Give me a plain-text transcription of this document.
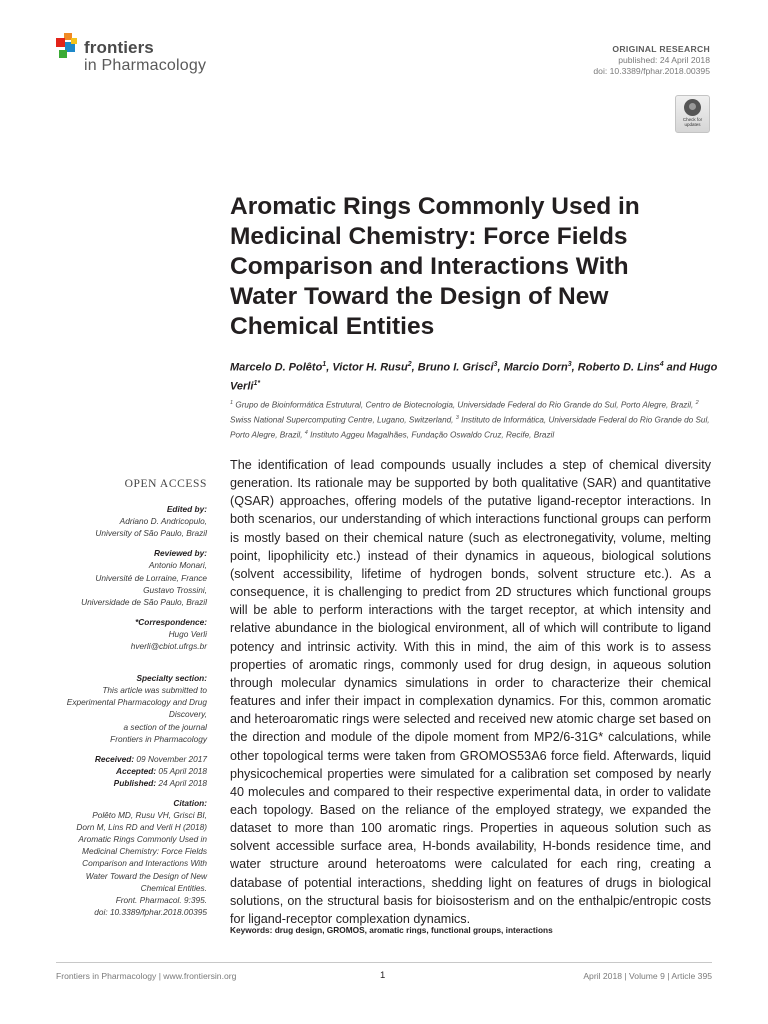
frontiers
in Pharmacology
ORIGINAL RESEARCH
published: 24 April 2018
doi: 10.3389/fphar.2018.00395
Check for
updates
Aromatic Rings Commonly Used in Medicinal Chemistry: Force Fields Comparison and Interactions With Water Toward the Design of New Chemical Entities
Marcelo D. Polêto$^1$, Victor H. Rusu$^2$, Bruno I. Grisci$^3$, Marcio Dorn$^3$, Roberto D. Lins$^4$ and Hugo Verli$^{1*}$
$^1$ Grupo de Bioinformática Estrutural, Centro de Biotecnologia, Universidade Federal do Rio Grande do Sul, Porto Alegre, Brazil, $^2$ Swiss National Supercomputing Centre, Lugano, Switzerland, $^3$ Instituto de Informática, Universidade Federal do Rio Grande do Sul, Porto Alegre, Brazil, $^4$ Instituto Aggeu Magalhães, Fundação Oswaldo Cruz, Recife, Brazil
OPEN ACCESS
Edited by:
Adriano D. Andricopulo,
University of São Paulo, Brazil
Reviewed by:
Antonio Monari,
Université de Lorraine, France
Gustavo Trossini,
Universidade de São Paulo, Brazil
*Correspondence:
Hugo Verli
hverli@cbiot.ufrgs.br
Specialty section:
This article was submitted to
Experimental Pharmacology and Drug
Discovery,
a section of the journal
Frontiers in Pharmacology
Received: 09 November 2017
Accepted: 05 April 2018
Published: 24 April 2018
Citation:
Polêto MD, Rusu VH, Grisci BI,
Dorn M, Lins RD and Verli H (2018)
Aromatic Rings Commonly Used in
Medicinal Chemistry: Force Fields
Comparison and Interactions With
Water Toward the Design of New
Chemical Entities.
Front. Pharmacol. 9:395.
doi: 10.3389/fphar.2018.00395
The identification of lead compounds usually includes a step of chemical diversity generation. Its rationale may be supported by both qualitative (SAR) and quantitative (QSAR) approaches, offering models of the putative ligand-receptor interactions. In both scenarios, our understanding of which interactions functional groups can perform is mostly based on their chemical nature (such as electronegativity, volume, melting point, lipophilicity etc.) instead of their dynamics in aqueous, biological solutions (solvent accessibility, lifetime of hydrogen bonds, solvent structure etc.). As a consequence, it is challenging to predict from 2D structures which functional groups will be able to perform interactions with the target receptor, at which intensity and relative abundance in the biological environment, all of which will contribute to ligand potency and intrinsic activity. With this in mind, the aim of this work is to assess properties of aromatic rings, commonly used for drug design, in aqueous solution through molecular dynamics simulations in order to characterize their chemical features and infer their impact in complexation dynamics. For this, common aromatic and heteroaromatic rings were selected and received new atomic charge set based on the direction and module of the dipole moment from MP2/6-31G* calculations, while other topological terms were taken from GROMOS53A6 force field. Afterwards, liquid physicochemical properties were simulated for a calibration set composed by nearly 40 molecules and compared to their respective experimental data, in order to validate each topology. Based on the reliance of the employed strategy, we expanded the dataset to more than 100 aromatic rings. Properties in aqueous solution such as solvent accessible surface area, H-bonds availability, H-bonds residence time, and water structure around heteroatoms were calculated for each ring, creating a database of potential interactions, shedding light on features of drugs in biological solutions, on the structural basis for bioisosterism and on the enthalpic/entropic costs for ligand-receptor complexation dynamics.
Keywords: drug design, GROMOS, aromatic rings, functional groups, interactions
Frontiers in Pharmacology | www.frontiersin.org	1	April 2018 | Volume 9 | Article 395
